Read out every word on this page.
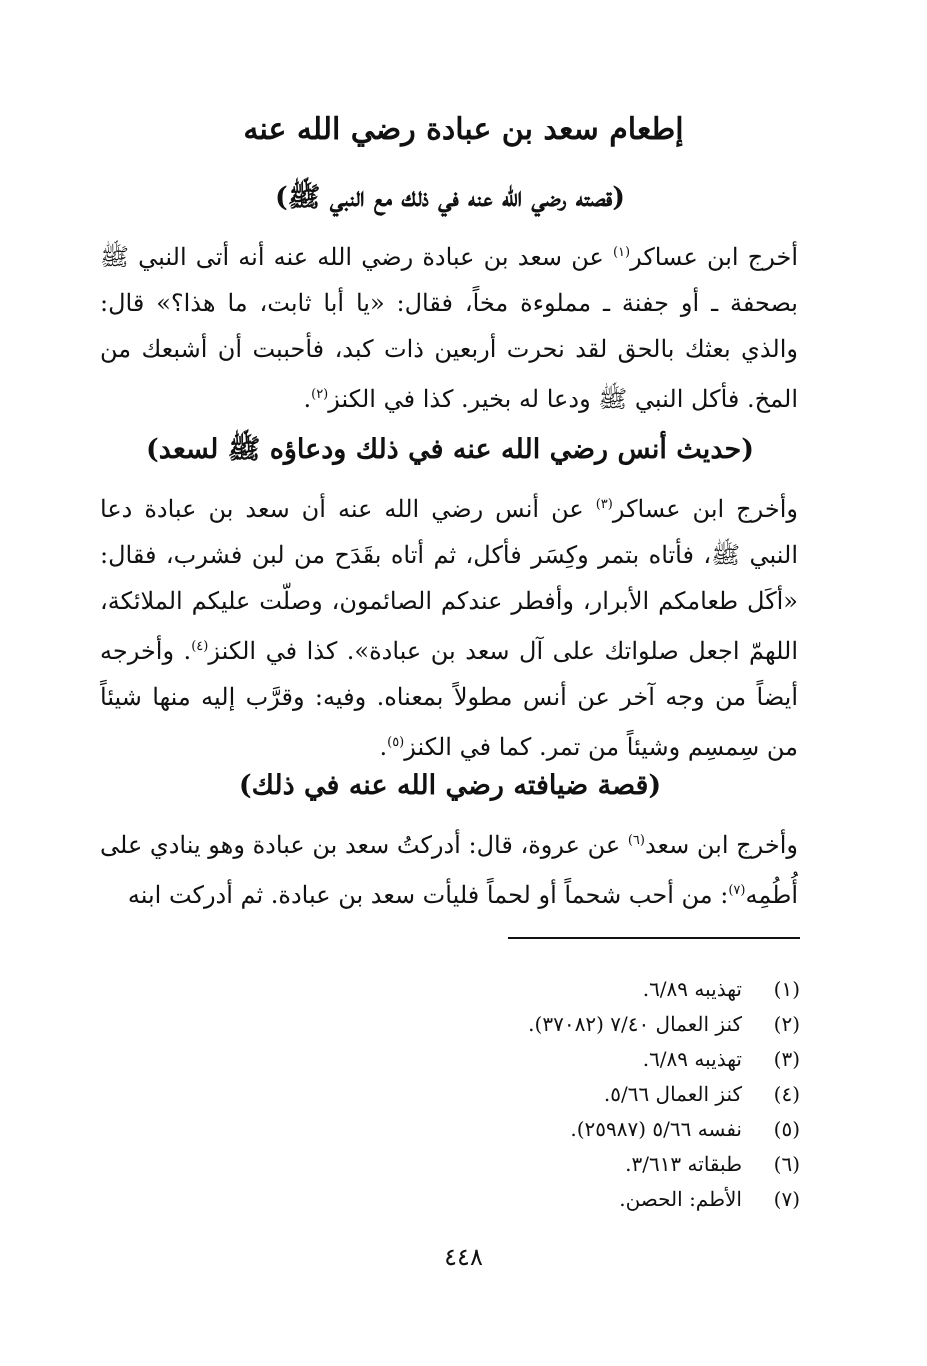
إطعام سعد بن عبادة رضي الله عنه
(قصته رضي الله عنه في ذلك مع النبي ﷺ)

أخرج ابن عساكر$^{(١)}$ عن سعد بن عبادة رضي الله عنه أنه أتى النبي ﷺ بصحفة ـ أو جفنة ـ مملوءة مخاً، فقال: «يا أبا ثابت، ما هذا؟» قال: والذي بعثك بالحق لقد نحرت أربعين ذات كبد، فأحببت أن أشبعك من المخ. فأكل النبي ﷺ ودعا له بخير. كذا في الكنز$^{(٢)}$.

(حديث أنس رضي الله عنه في ذلك ودعاؤه ﷺ لسعد)

وأخرج ابن عساكر$^{(٣)}$ عن أنس رضي الله عنه أن سعد بن عبادة دعا النبي ﷺ، فأتاه بتمر وكِسَر فأكل، ثم أتاه بقَدَح من لبن فشرب، فقال: «أكَل طعامكم الأبرار، وأفطر عندكم الصائمون، وصلّت عليكم الملائكة، اللهمّ اجعل صلواتك على آل سعد بن عبادة». كذا في الكنز$^{(٤)}$. وأخرجه أيضاً من وجه آخر عن أنس مطولاً بمعناه. وفيه: وقرَّب إليه منها شيئاً من سِمسِم وشيئاً من تمر. كما في الكنز$^{(٥)}$.

(قصة ضيافته رضي الله عنه في ذلك)

وأخرج ابن سعد$^{(٦)}$ عن عروة، قال: أدركتُ سعد بن عبادة وهو ينادي على أُطُمِه$^{(٧)}$: من أحب شحماً أو لحماً فليأت سعد بن عبادة. ثم أدركت ابنه

(١)
تهذيبه ٦/٨٩.
(٢)
كنز العمال ٧/٤٠ (٣٧٠٨٢).
(٣)
تهذيبه ٦/٨٩.
(٤)
كنز العمال ٥/٦٦.
(٥)
نفسه ٥/٦٦ (٢٥٩٨٧).
(٦)
طبقاته ٣/٦١٣.
(٧)
الأطم: الحصن.
٤٤٨
